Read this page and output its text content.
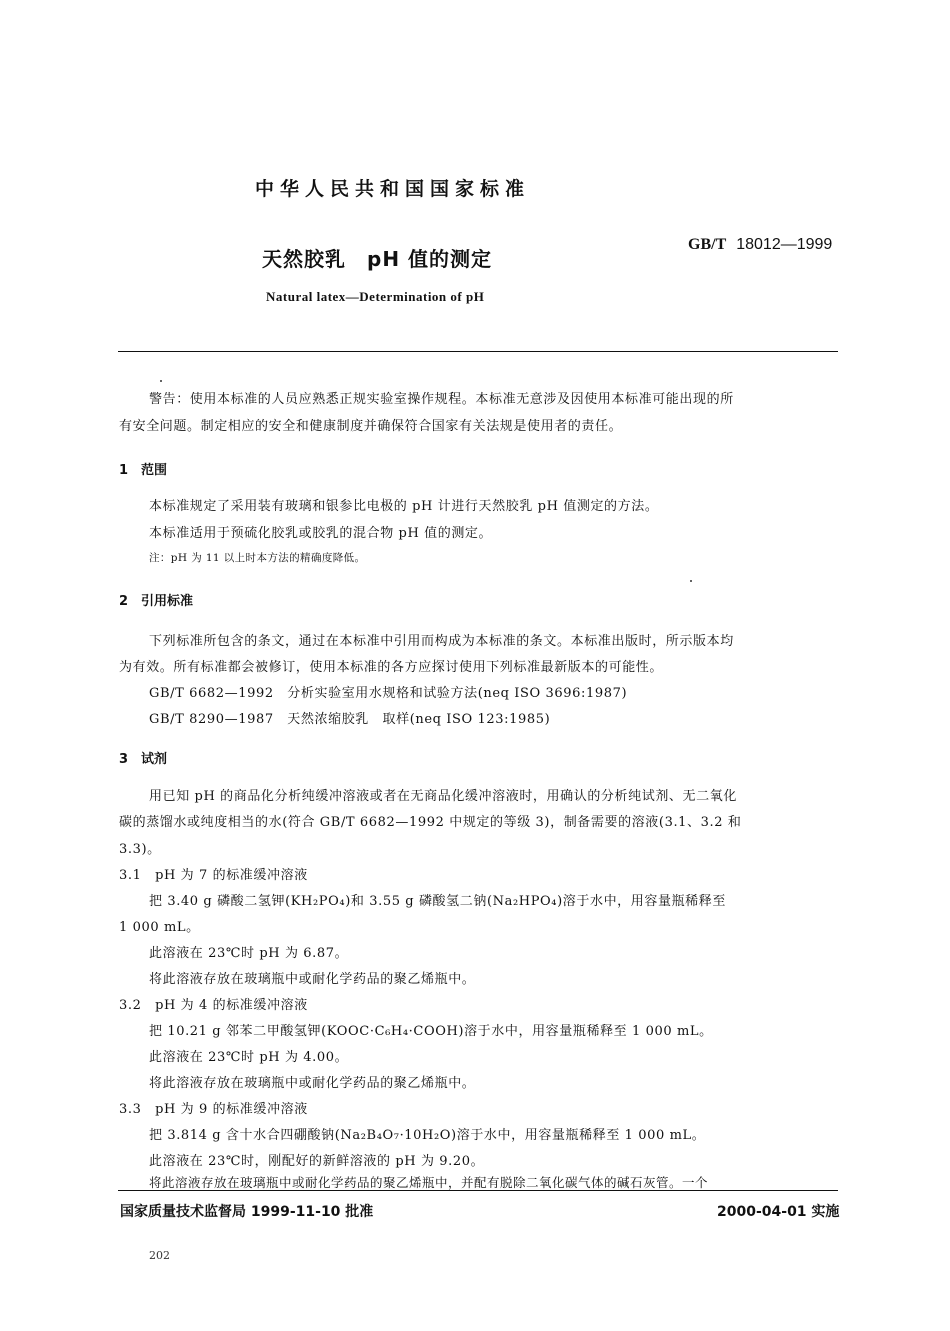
中华人民共和国国家标准
天然胶乳　pH 值的测定
GB/T 18012—1999
Natural latex—Determination of pH
警告：使用本标准的人员应熟悉正规实验室操作规程。本标准无意涉及因使用本标准可能出现的所
有安全问题。制定相应的安全和健康制度并确保符合国家有关法规是使用者的责任。
1　范围
本标准规定了采用装有玻璃和银参比电极的 pH 计进行天然胶乳 pH 值测定的方法。
本标准适用于预硫化胶乳或胶乳的混合物 pH 值的测定。
注：pH 为 11 以上时本方法的精确度降低。
2　引用标准
下列标准所包含的条文，通过在本标准中引用而构成为本标准的条文。本标准出版时，所示版本均
为有效。所有标准都会被修订，使用本标准的各方应探讨使用下列标准最新版本的可能性。
GB/T 6682—1992　分析实验室用水规格和试验方法(neq ISO 3696:1987)
GB/T 8290—1987　天然浓缩胶乳　取样(neq ISO 123:1985)
3　试剂
用已知 pH 的商品化分析纯缓冲溶液或者在无商品化缓冲溶液时，用确认的分析纯试剂、无二氧化
碳的蒸馏水或纯度相当的水(符合 GB/T 6682—1992 中规定的等级 3)，制备需要的溶液(3.1、3.2 和
3.3)。
3.1　pH 为 7 的标准缓冲溶液
把 3.40 g 磷酸二氢钾(KH₂PO₄)和 3.55 g 磷酸氢二钠(Na₂HPO₄)溶于水中，用容量瓶稀释至
1 000 mL。
此溶液在 23℃时 pH 为 6.87。
将此溶液存放在玻璃瓶中或耐化学药品的聚乙烯瓶中。
3.2　pH 为 4 的标准缓冲溶液
把 10.21 g 邻苯二甲酸氢钾(KOOC·C₆H₄·COOH)溶于水中，用容量瓶稀释至 1 000 mL。
此溶液在 23℃时 pH 为 4.00。
将此溶液存放在玻璃瓶中或耐化学药品的聚乙烯瓶中。
3.3　pH 为 9 的标准缓冲溶液
把 3.814 g 含十水合四硼酸钠(Na₂B₄O₇·10H₂O)溶于水中，用容量瓶稀释至 1 000 mL。
此溶液在 23℃时，刚配好的新鲜溶液的 pH 为 9.20。
将此溶液存放在玻璃瓶中或耐化学药品的聚乙烯瓶中，并配有脱除二氧化碳气体的碱石灰管。一个
国家质量技术监督局 1999-11-10 批准	2000-04-01 实施
202
